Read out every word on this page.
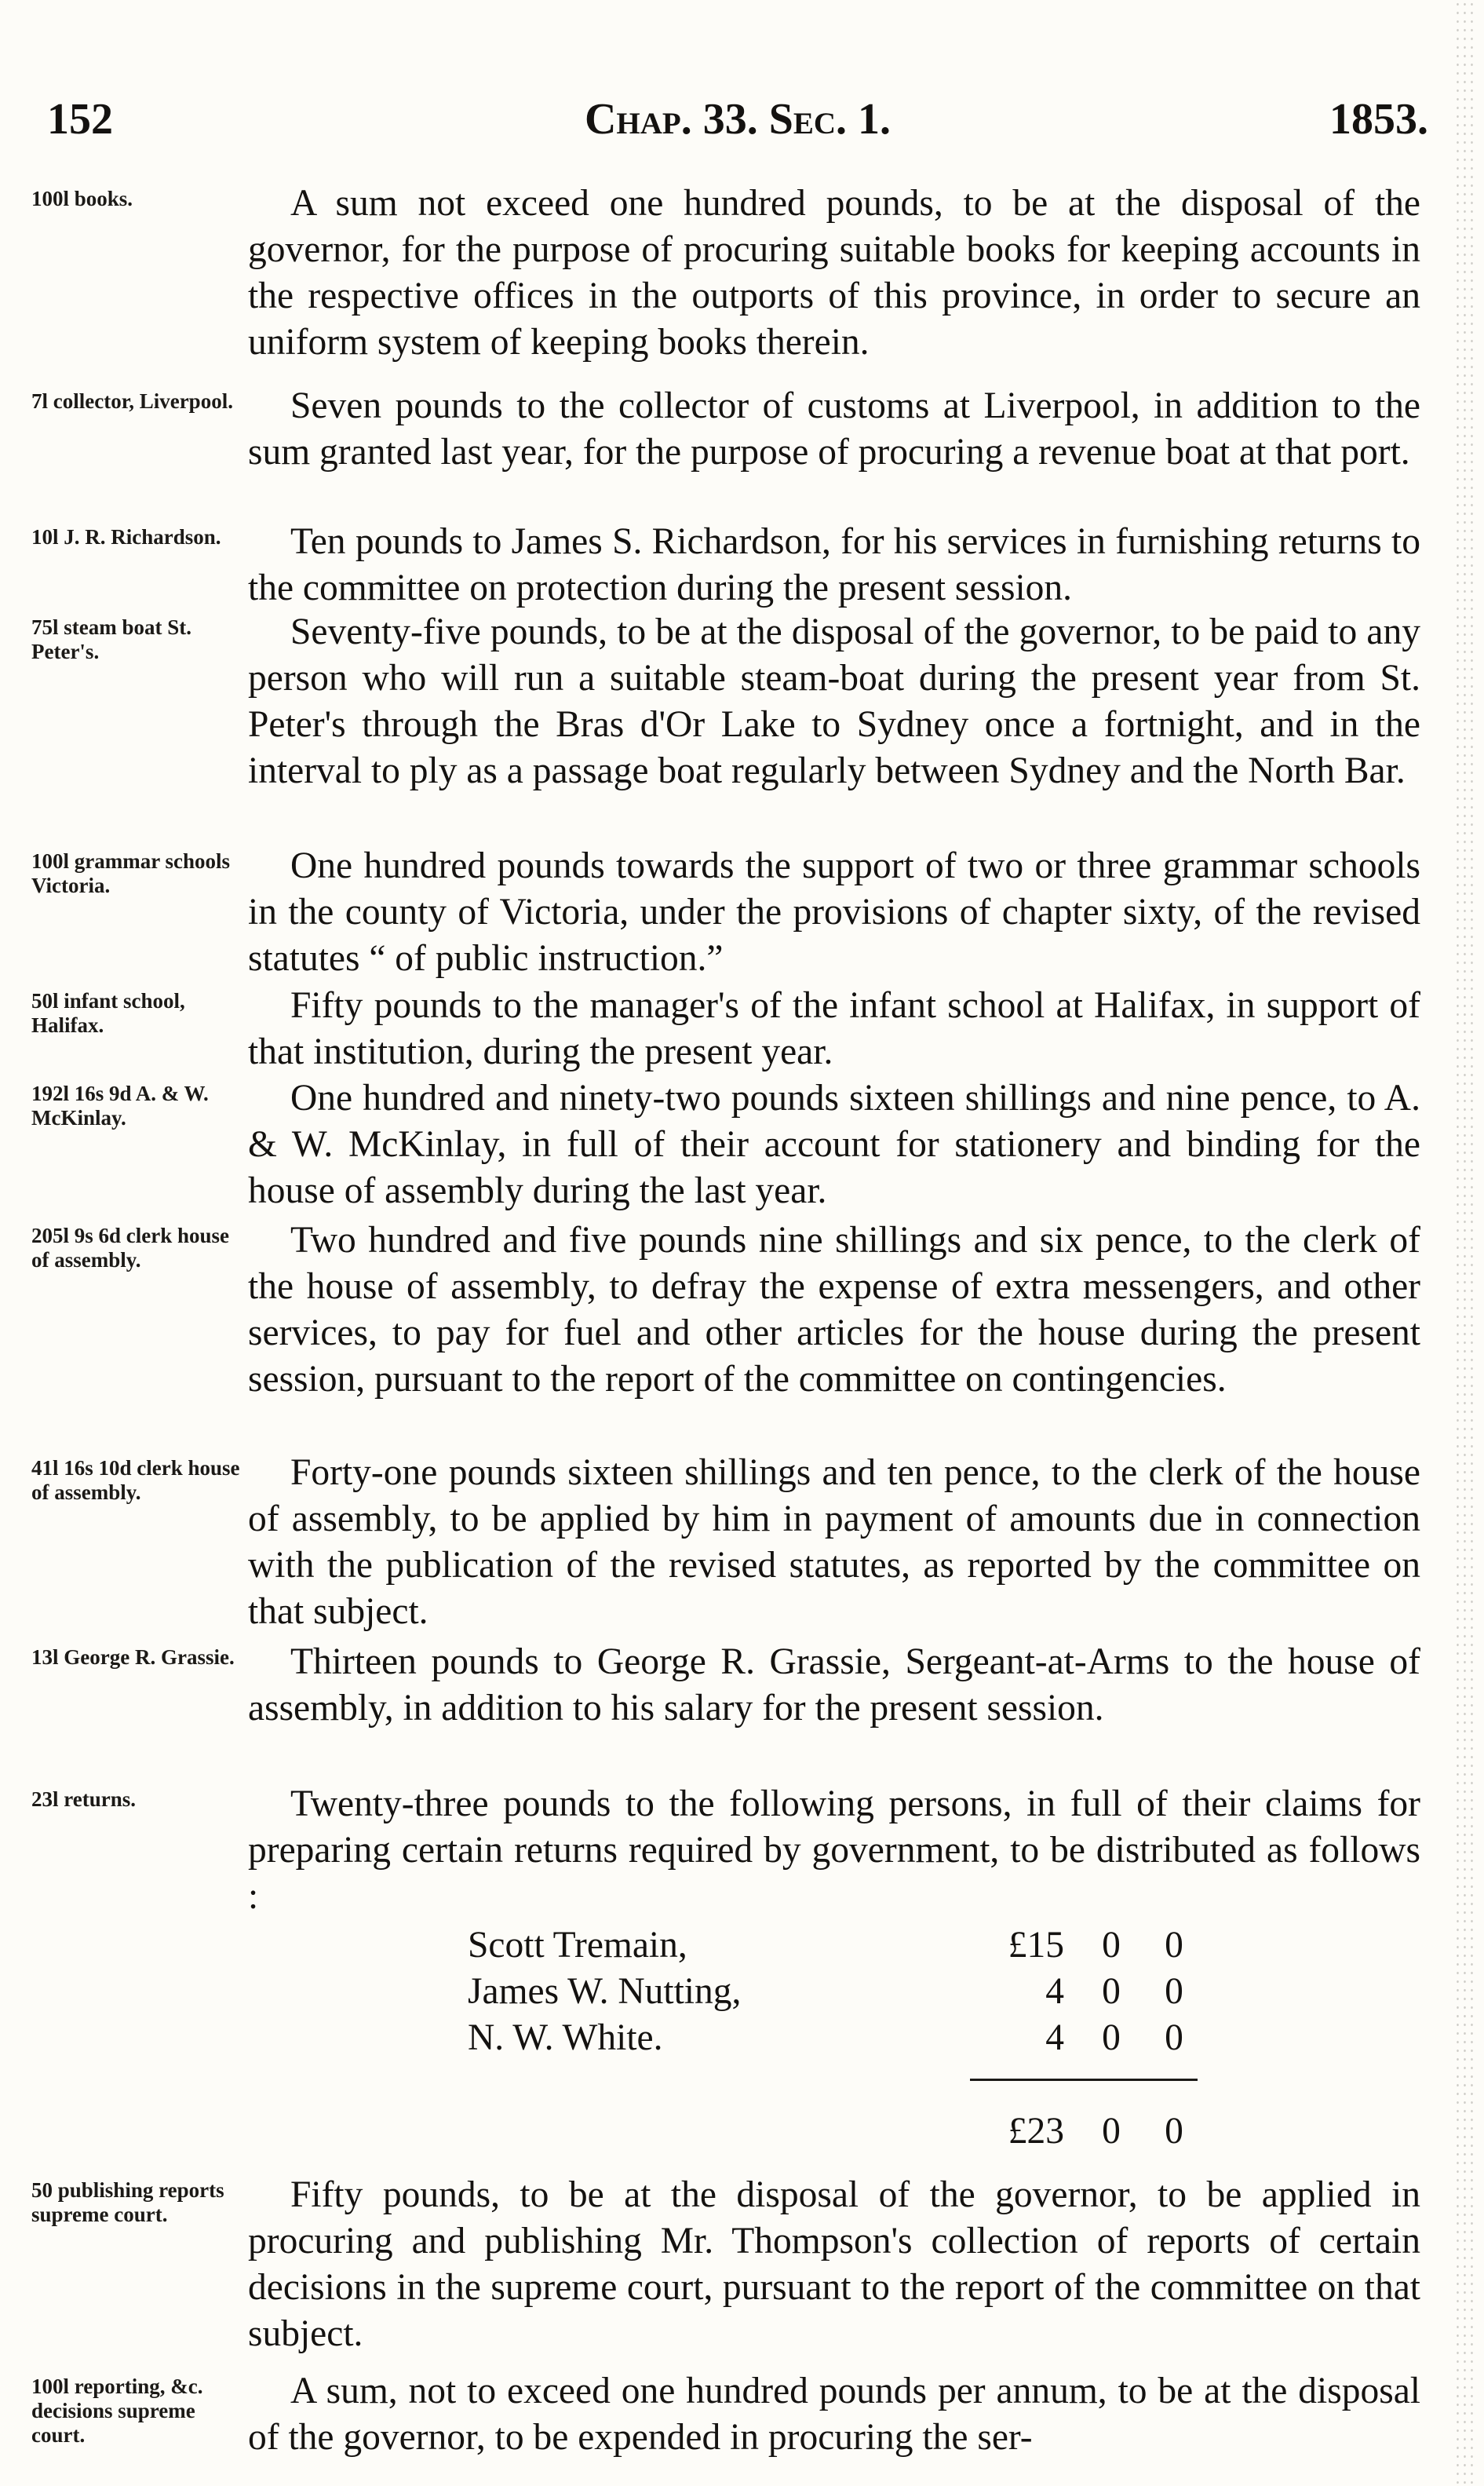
152	Chap. 33. Sec. 1.	1853.
100l books.	A sum not exceed one hundred pounds, to be at the disposal of the governor, for the purpose of procuring suitable books for keeping accounts in the respective offices in the outports of this province, in order to secure an uniform system of keeping books therein.
7l collector, Liverpool.	Seven pounds to the collector of customs at Liverpool, in addition to the sum granted last year, for the purpose of procuring a revenue boat at that port.
10l J. R. Richardson.	Ten pounds to James S. Richardson, for his services in furnishing returns to the committee on protection during the present session.
75l steam boat St. Peter's.	Seventy-five pounds, to be at the disposal of the governor, to be paid to any person who will run a suitable steam-boat during the present year from St. Peter's through the Bras d'Or Lake to Sydney once a fortnight, and in the interval to ply as a passage boat regularly between Sydney and the North Bar.
100l grammar schools Victoria.	One hundred pounds towards the support of two or three grammar schools in the county of Victoria, under the provisions of chapter sixty, of the revised statutes “ of public instruction.”
50l infant school, Halifax.	Fifty pounds to the manager's of the infant school at Halifax, in support of that institution, during the present year.
192l 16s 9d A. & W. McKinlay.	One hundred and ninety-two pounds sixteen shillings and nine pence, to A. & W. McKinlay, in full of their account for stationery and binding for the house of assembly during the last year.
205l 9s 6d clerk house of assembly.	Two hundred and five pounds nine shillings and six pence, to the clerk of the house of assembly, to defray the expense of extra messengers, and other services, to pay for fuel and other articles for the house during the present session, pursuant to the report of the committee on contingencies.
41l 16s 10d clerk house of assembly.	Forty-one pounds sixteen shillings and ten pence, to the clerk of the house of assembly, to be applied by him in payment of amounts due in connection with the publication of the revised statutes, as reported by the committee on that subject.
13l George R. Grassie.	Thirteen pounds to George R. Grassie, Sergeant-at-Arms to the house of assembly, in addition to his salary for the present session.
23l returns.	Twenty-three pounds to the following persons, in full of their claims for preparing certain returns required by government, to be distributed as follows :
Scott Tremain,	£15 0 0
James W. Nutting,	4 0 0
N. W. White.	4 0 0
£23 0 0
50 publishing reports supreme court.	Fifty pounds, to be at the disposal of the governor, to be applied in procuring and publishing Mr. Thompson's collection of reports of certain decisions in the supreme court, pursuant to the report of the committee on that subject.
100l reporting, &c. decisions supreme court.
A sum, not to exceed one hundred pounds per annum, to be at the disposal of the governor, to be expended in procuring the ser-
